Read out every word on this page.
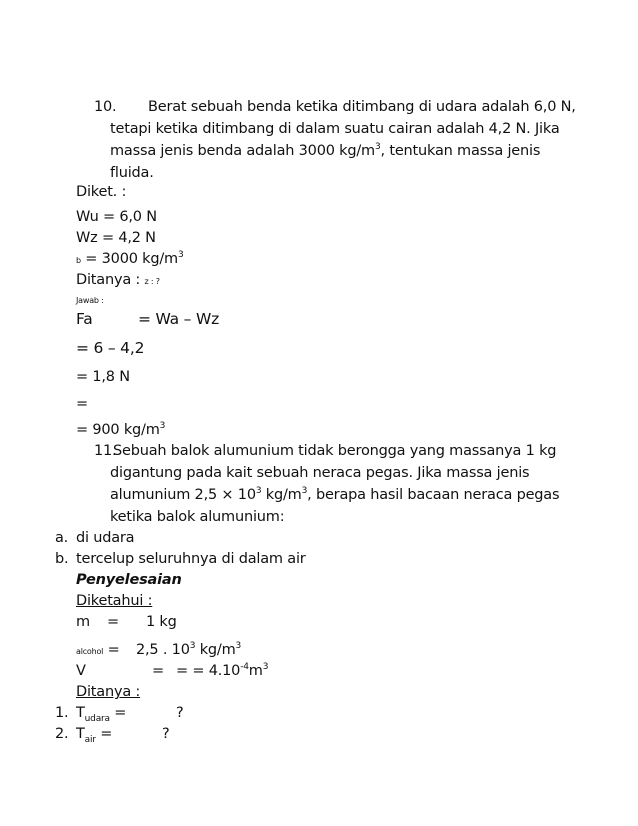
10. Berat sebuah benda ketika ditimbang di udara adalah 6,0 N,
tetapi ketika ditimbang di dalam suatu cairan adalah 4,2 N. Jika
massa jenis benda adalah 3000 $kg/m^3$, tentukan massa jenis
fluida.
Diket. :
Wu = 6,0 N
Wz = 4,2 N
b = 3000 $kg/m^3$
Ditanya : z : ?
Jawab :
Fa	= Wa – Wz
= 6 – 4,2
= 1,8 N
=
= 900 $kg/m^3$
11.
Sebuah balok alumunium tidak berongga yang massanya 1 kg
digantung pada kait sebuah neraca pegas. Jika massa jenis
alumunium $2,5 \times 10^3$ $kg/m^3$, berapa hasil bacaan neraca pegas
ketika balok alumunium:
a. di udara
b. tercelup seluruhnya di dalam air
Penyelesaian
Diketahui :
m = 1 kg
alcohol = 2,5 . $10^3$ $kg/m^3$
V	= = = $4.10^{-4}m^3$
Ditanya :
1. $T_{udara}$ =	?
2. $T_{air}$ =	?
